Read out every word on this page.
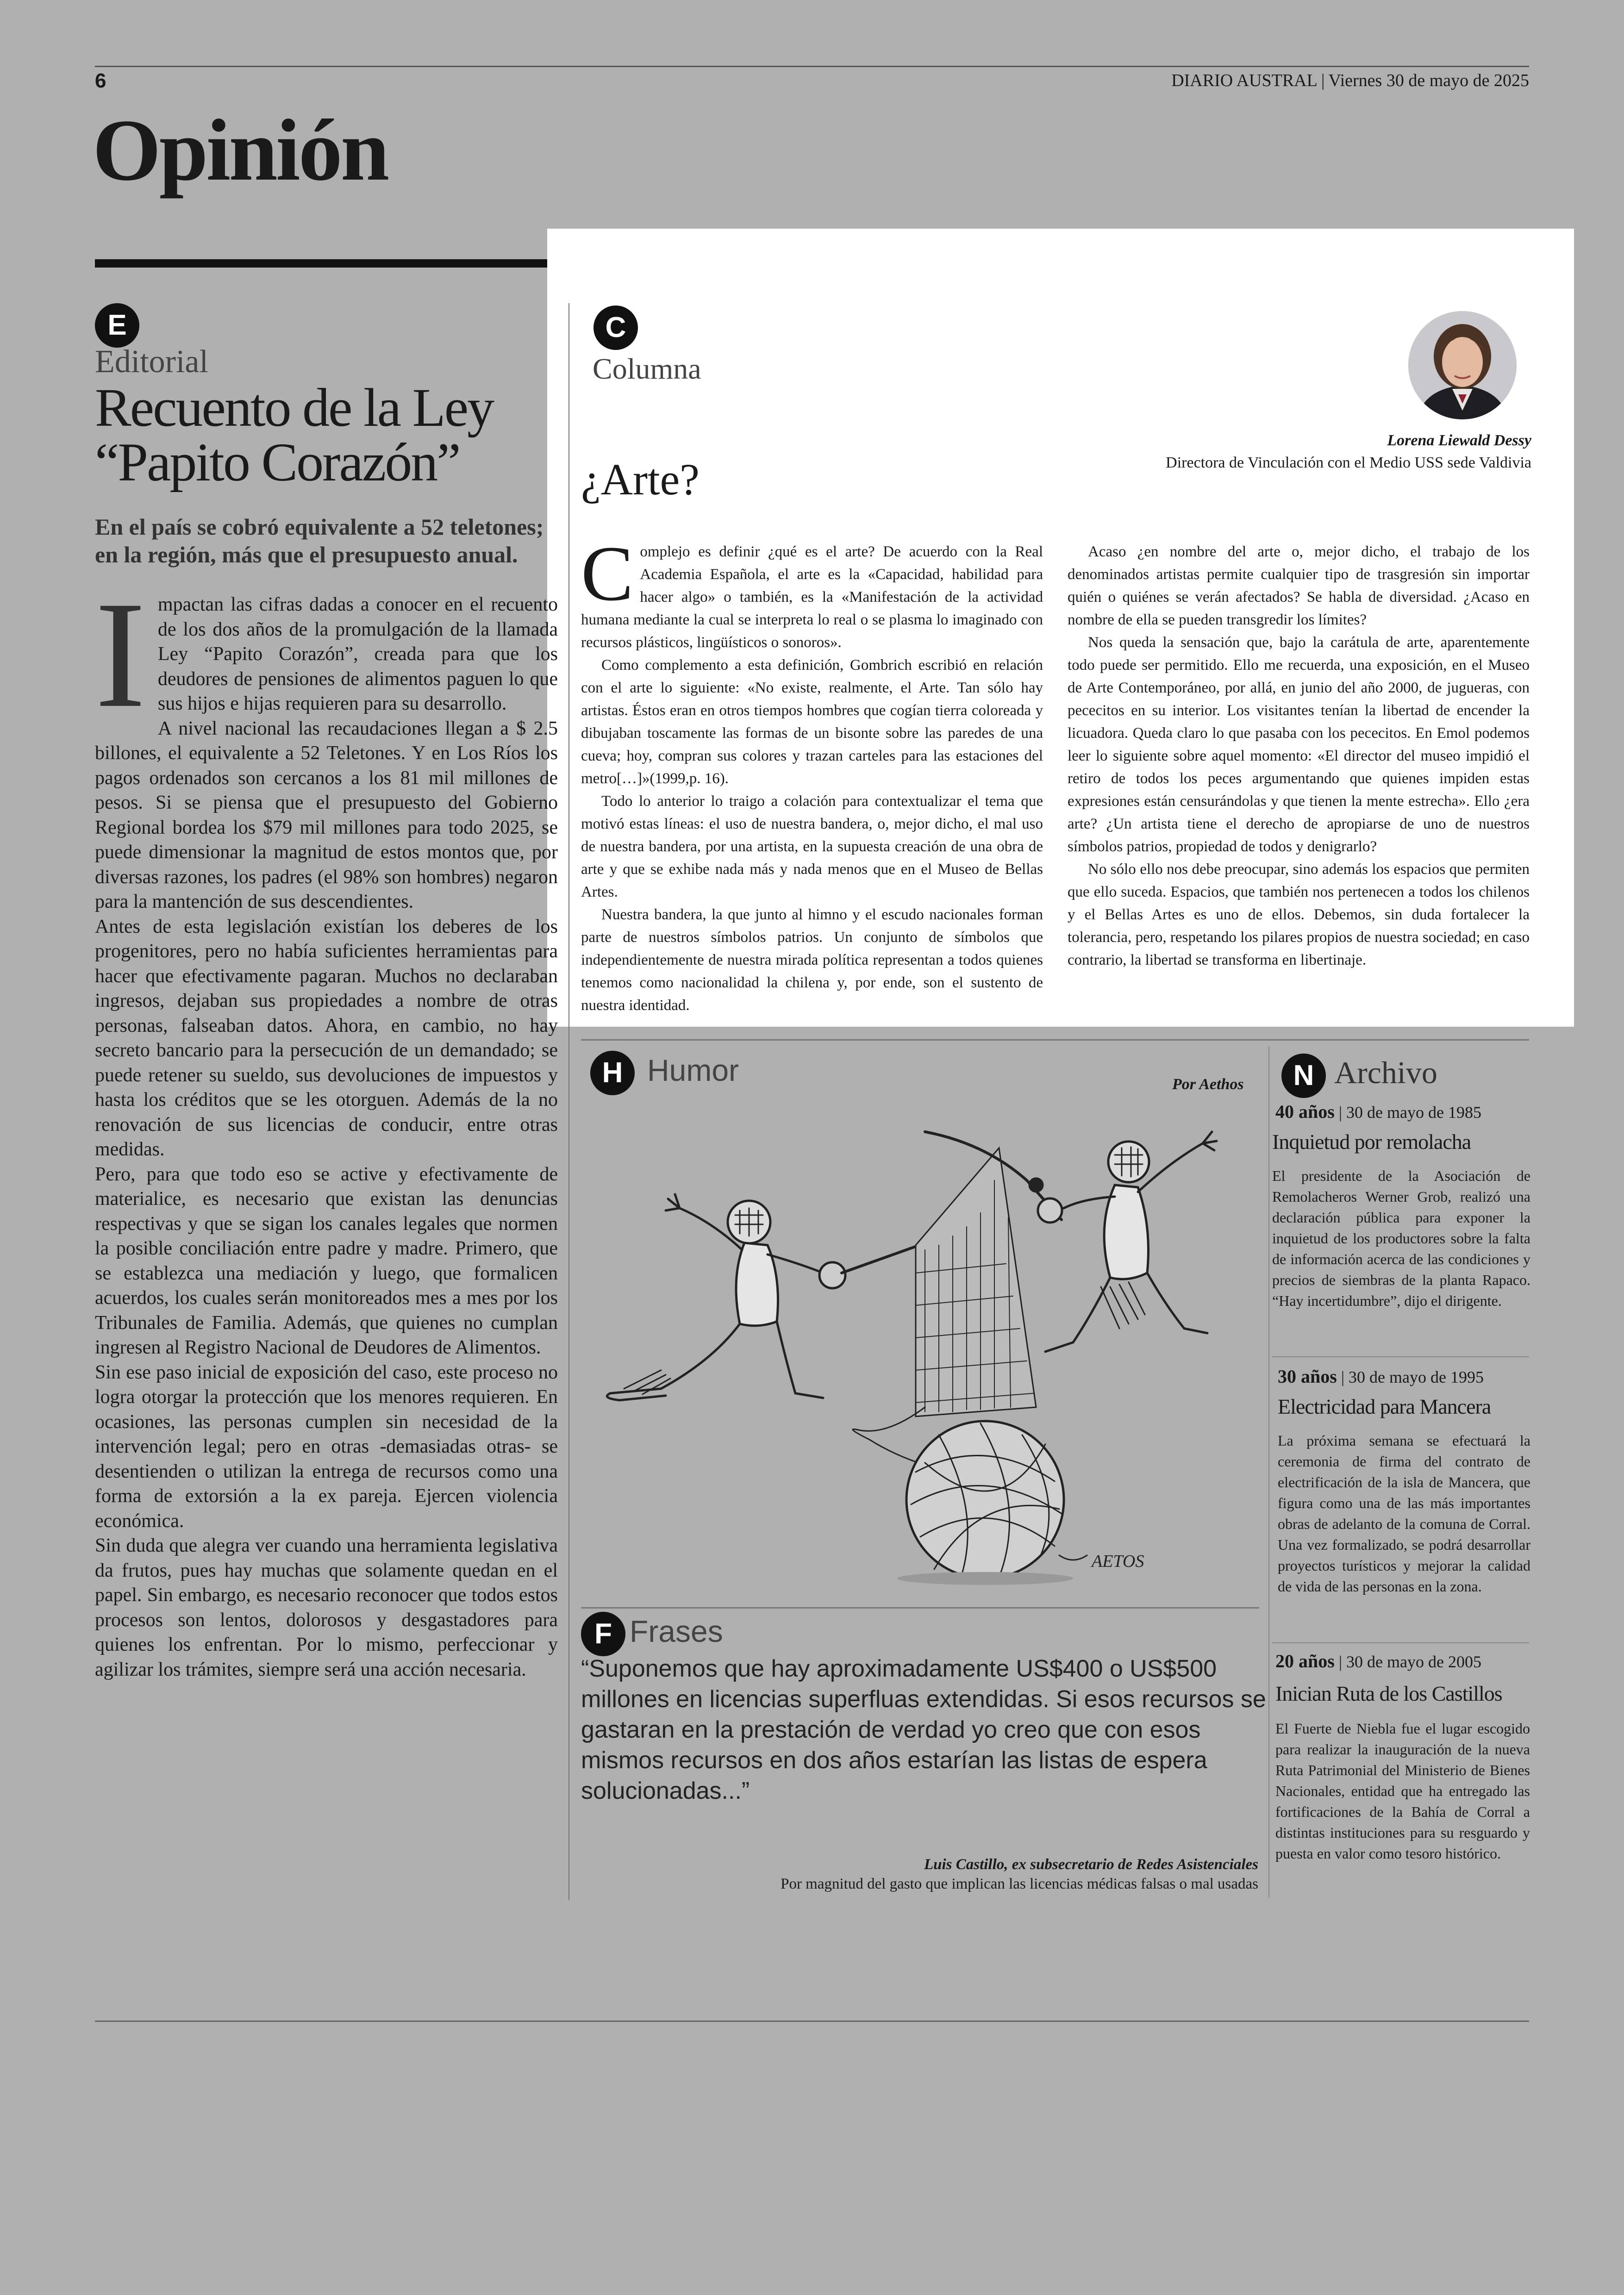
6	DIARIO AUSTRAL | Viernes 30 de mayo de 2025
Opinión
E
Editorial
Recuento de la Ley
“Papito Corazón”
En el país se cobró equivalente a 52 teletones; en la región, más que el presupuesto anual.

Impactan las cifras dadas a conocer en el recuento de los dos años de la promulgación de la llamada Ley “Papito Corazón”, creada para que los deudores de pensiones de alimentos paguen lo que sus hijos e hijas requieren para su desarrollo.

A nivel nacional las recaudaciones llegan a $ 2.5 billones, el equivalente a 52 Teletones. Y en Los Ríos los pagos ordenados son cercanos a los 81 mil millones de pesos. Si se piensa que el presupuesto del Gobierno Regional bordea los $79 mil millones para todo 2025, se puede dimensionar la magnitud de estos montos que, por diversas razones, los padres (el 98% son hombres) negaron para la mantención de sus descendientes.

Antes de esta legislación existían los deberes de los progenitores, pero no había suficientes herramientas para hacer que efectivamente pagaran. Muchos no declaraban ingresos, dejaban sus propiedades a nombre de otras personas, falseaban datos. Ahora, en cambio, no hay secreto bancario para la persecución de un demandado; se puede retener su sueldo, sus devoluciones de impuestos y hasta los créditos que se les otorguen. Además de la no renovación de sus licencias de conducir, entre otras medidas.

Pero, para que todo eso se active y efectivamente de materialice, es necesario que existan las denuncias respectivas y que se sigan los canales legales que normen la posible conciliación entre padre y madre. Primero, que se establezca una mediación y luego, que formalicen acuerdos, los cuales serán monitoreados mes a mes por los Tribunales de Familia. Además, que quienes no cumplan ingresen al Registro Nacional de Deudores de Alimentos.

Sin ese paso inicial de exposición del caso, este proceso no logra otorgar la protección que los menores requieren. En ocasiones, las personas cumplen sin necesidad de la intervención legal; pero en otras -demasiadas otras- se desentienden o utilizan la entrega de recursos como una forma de extorsión a la ex pareja. Ejercen violencia económica.

Sin duda que alegra ver cuando una herramienta legislativa da frutos, pues hay muchas que solamente quedan en el papel. Sin embargo, es necesario reconocer que todos estos procesos son lentos, dolorosos y desgastadores para quienes los enfrentan. Por lo mismo, perfeccionar y agilizar los trámites, siempre será una acción necesaria.

C
Columna
¿Arte?
Lorena Liewald Dessy
Directora de Vinculación con el Medio USS sede Valdivia

Complejo es definir ¿qué es el arte? De acuerdo con la Real Academia Española, el arte es la «Capacidad, habilidad para hacer algo» o también, es la «Manifestación de la actividad humana mediante la cual se interpreta lo real o se plasma lo imaginado con recursos plásticos, lingüísticos o sonoros».

Como complemento a esta definición, Gombrich escribió en relación con el arte lo siguiente: «No existe, realmente, el Arte. Tan sólo hay artistas. Éstos eran en otros tiempos hombres que cogían tierra coloreada y dibujaban toscamente las formas de un bisonte sobre las paredes de una cueva; hoy, compran sus colores y trazan carteles para las estaciones del metro[…]»(1999,p. 16).

Todo lo anterior lo traigo a colación para contextualizar el tema que motivó estas líneas: el uso de nuestra bandera, o, mejor dicho, el mal uso de nuestra bandera, por una artista, en la supuesta creación de una obra de arte y que se exhibe nada más y nada menos que en el Museo de Bellas Artes.

Nuestra bandera, la que junto al himno y el escudo nacionales forman parte de nuestros símbolos patrios. Un conjunto de símbolos que independientemente de nuestra mirada política representan a todos quienes tenemos como nacionalidad la chilena y, por ende, son el sustento de nuestra identidad.

Acaso ¿en nombre del arte o, mejor dicho, el trabajo de los denominados artistas permite cualquier tipo de trasgresión sin importar quién o quiénes se verán afectados? Se habla de diversidad. ¿Acaso en nombre de ella se pueden transgredir los límites?

Nos queda la sensación que, bajo la carátula de arte, aparentemente todo puede ser permitido. Ello me recuerda, una exposición, en el Museo de Arte Contemporáneo, por allá, en junio del año 2000, de jugueras, con pececitos en su interior. Los visitantes tenían la libertad de encender la licuadora. Queda claro lo que pasaba con los pececitos. En Emol podemos leer lo siguiente sobre aquel momento: «El director del museo impidió el retiro de todos los peces argumentando que quienes impiden estas expresiones están censurándolas y que tienen la mente estrecha». Ello ¿era arte? ¿Un artista tiene el derecho de apropiarse de uno de nuestros símbolos patrios, propiedad de todos y denigrarlo?

No sólo ello nos debe preocupar, sino además los espacios que permiten que ello suceda. Espacios, que también nos pertenecen a todos los chilenos y el Bellas Artes es uno de ellos. Debemos, sin duda fortalecer la tolerancia, pero, respetando los pilares propios de nuestra sociedad; en caso contrario, la libertad se transforma en libertinaje.

H Humor	Por Aethos
AETOS
F Frases
“Suponemos que hay aproximadamente US$400 o US$500 millones en licencias superfluas extendidas. Si esos recursos se gastaran en la prestación de verdad yo creo que con esos mismos recursos en dos años estarían las listas de espera solucionadas...”
Luis Castillo, ex subsecretario de Redes Asistenciales
Por magnitud del gasto que implican las licencias médicas falsas o mal usadas
N Archivo
40 años | 30 de mayo de 1985
Inquietud por remolacha
El presidente de la Asociación de Remolacheros Werner Grob, realizó una declaración pública para exponer la inquietud de los productores sobre la falta de información acerca de las condiciones y precios de siembras de la planta Rapaco. “Hay incertidumbre”, dijo el dirigente.
30 años | 30 de mayo de 1995
Electricidad para Mancera
La próxima semana se efectuará la ceremonia de firma del contrato de electrificación de la isla de Mancera, que figura como una de las más importantes obras de adelanto de la comuna de Corral. Una vez formalizado, se podrá desarrollar proyectos turísticos y mejorar la calidad de vida de las personas en la zona.
20 años | 30 de mayo de 2005
Inician Ruta de los Castillos
El Fuerte de Niebla fue el lugar escogido para realizar la inauguración de la nueva Ruta Patrimonial del Ministerio de Bienes Nacionales, entidad que ha entregado las fortificaciones de la Bahía de Corral a distintas instituciones para su resguardo y puesta en valor como tesoro histórico.
